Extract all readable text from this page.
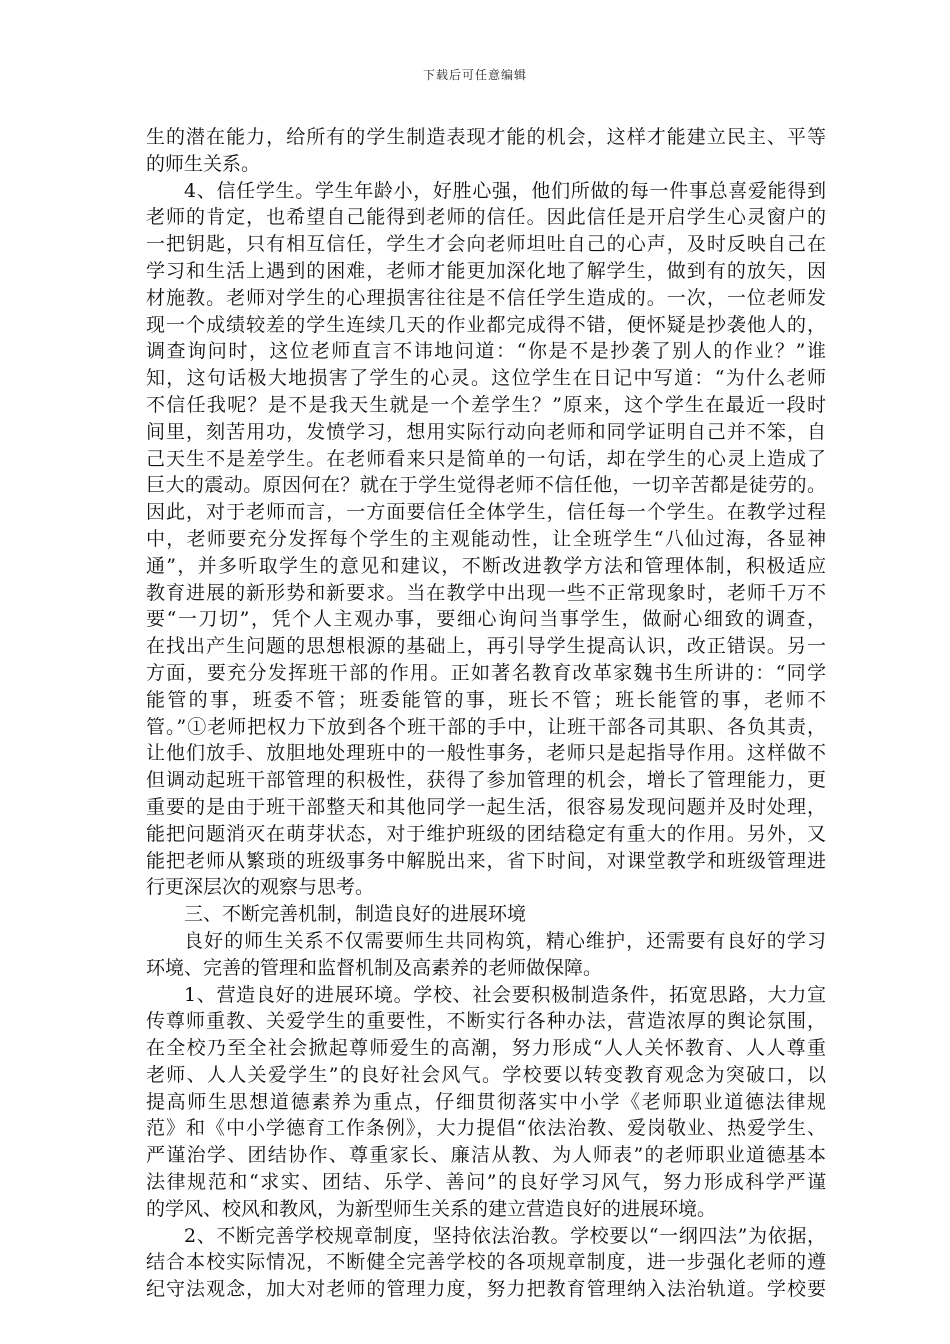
下载后可任意编辑
生的潜在能力，给所有的学生制造表现才能的机会，这样才能建立民主、平等
的师生关系。
4、信任学生。学生年龄小，好胜心强，他们所做的每一件事总喜爱能得到
老师的肯定，也希望自己能得到老师的信任。因此信任是开启学生心灵窗户的
一把钥匙，只有相互信任，学生才会向老师坦吐自己的心声，及时反映自己在
学习和生活上遇到的困难，老师才能更加深化地了解学生，做到有的放矢，因
材施教。老师对学生的心理损害往往是不信任学生造成的。一次，一位老师发
现一个成绩较差的学生连续几天的作业都完成得不错，便怀疑是抄袭他人的，
调查询问时，这位老师直言不讳地问道：“你是不是抄袭了别人的作业？”谁
知，这句话极大地损害了学生的心灵。这位学生在日记中写道：“为什么老师
不信任我呢？是不是我天生就是一个差学生？”原来，这个学生在最近一段时
间里，刻苦用功，发愤学习，想用实际行动向老师和同学证明自己并不笨，自
己天生不是差学生。在老师看来只是简单的一句话，却在学生的心灵上造成了
巨大的震动。原因何在？就在于学生觉得老师不信任他，一切辛苦都是徒劳的。
因此，对于老师而言，一方面要信任全体学生，信任每一个学生。在教学过程
中，老师要充分发挥每个学生的主观能动性，让全班学生“八仙过海，各显神
通”，并多听取学生的意见和建议，不断改进教学方法和管理体制，积极适应
教育进展的新形势和新要求。当在教学中出现一些不正常现象时，老师千万不
要“一刀切”，凭个人主观办事，要细心询问当事学生，做耐心细致的调查，
在找出产生问题的思想根源的基础上，再引导学生提高认识，改正错误。另一
方面，要充分发挥班干部的作用。正如著名教育改革家魏书生所讲的：“同学
能管的事，班委不管；班委能管的事，班长不管；班长能管的事，老师不
管。”①老师把权力下放到各个班干部的手中，让班干部各司其职、各负其责，
让他们放手、放胆地处理班中的一般性事务，老师只是起指导作用。这样做不
但调动起班干部管理的积极性，获得了参加管理的机会，增长了管理能力，更
重要的是由于班干部整天和其他同学一起生活，很容易发现问题并及时处理，
能把问题消灭在萌芽状态，对于维护班级的团结稳定有重大的作用。另外，又
能把老师从繁琐的班级事务中解脱出来，省下时间，对课堂教学和班级管理进
行更深层次的观察与思考。
三、不断完善机制，制造良好的进展环境
良好的师生关系不仅需要师生共同构筑，精心维护，还需要有良好的学习
环境、完善的管理和监督机制及高素养的老师做保障。
1、营造良好的进展环境。学校、社会要积极制造条件，拓宽思路，大力宣
传尊师重教、关爱学生的重要性，不断实行各种办法，营造浓厚的舆论氛围，
在全校乃至全社会掀起尊师爱生的高潮，努力形成“人人关怀教育、人人尊重
老师、人人关爱学生”的良好社会风气。学校要以转变教育观念为突破口，以
提高师生思想道德素养为重点，仔细贯彻落实中小学《老师职业道德法律规
范》和《中小学德育工作条例》，大力提倡“依法治教、爱岗敬业、热爱学生、
严谨治学、团结协作、尊重家长、廉洁从教、为人师表”的老师职业道德基本
法律规范和“求实、团结、乐学、善问”的良好学习风气，努力形成科学严谨
的学风、校风和教风，为新型师生关系的建立营造良好的进展环境。
2、不断完善学校规章制度，坚持依法治教。学校要以“一纲四法”为依据，
结合本校实际情况，不断健全完善学校的各项规章制度，进一步强化老师的遵
纪守法观念，加大对老师的管理力度，努力把教育管理纳入法治轨道。学校要
